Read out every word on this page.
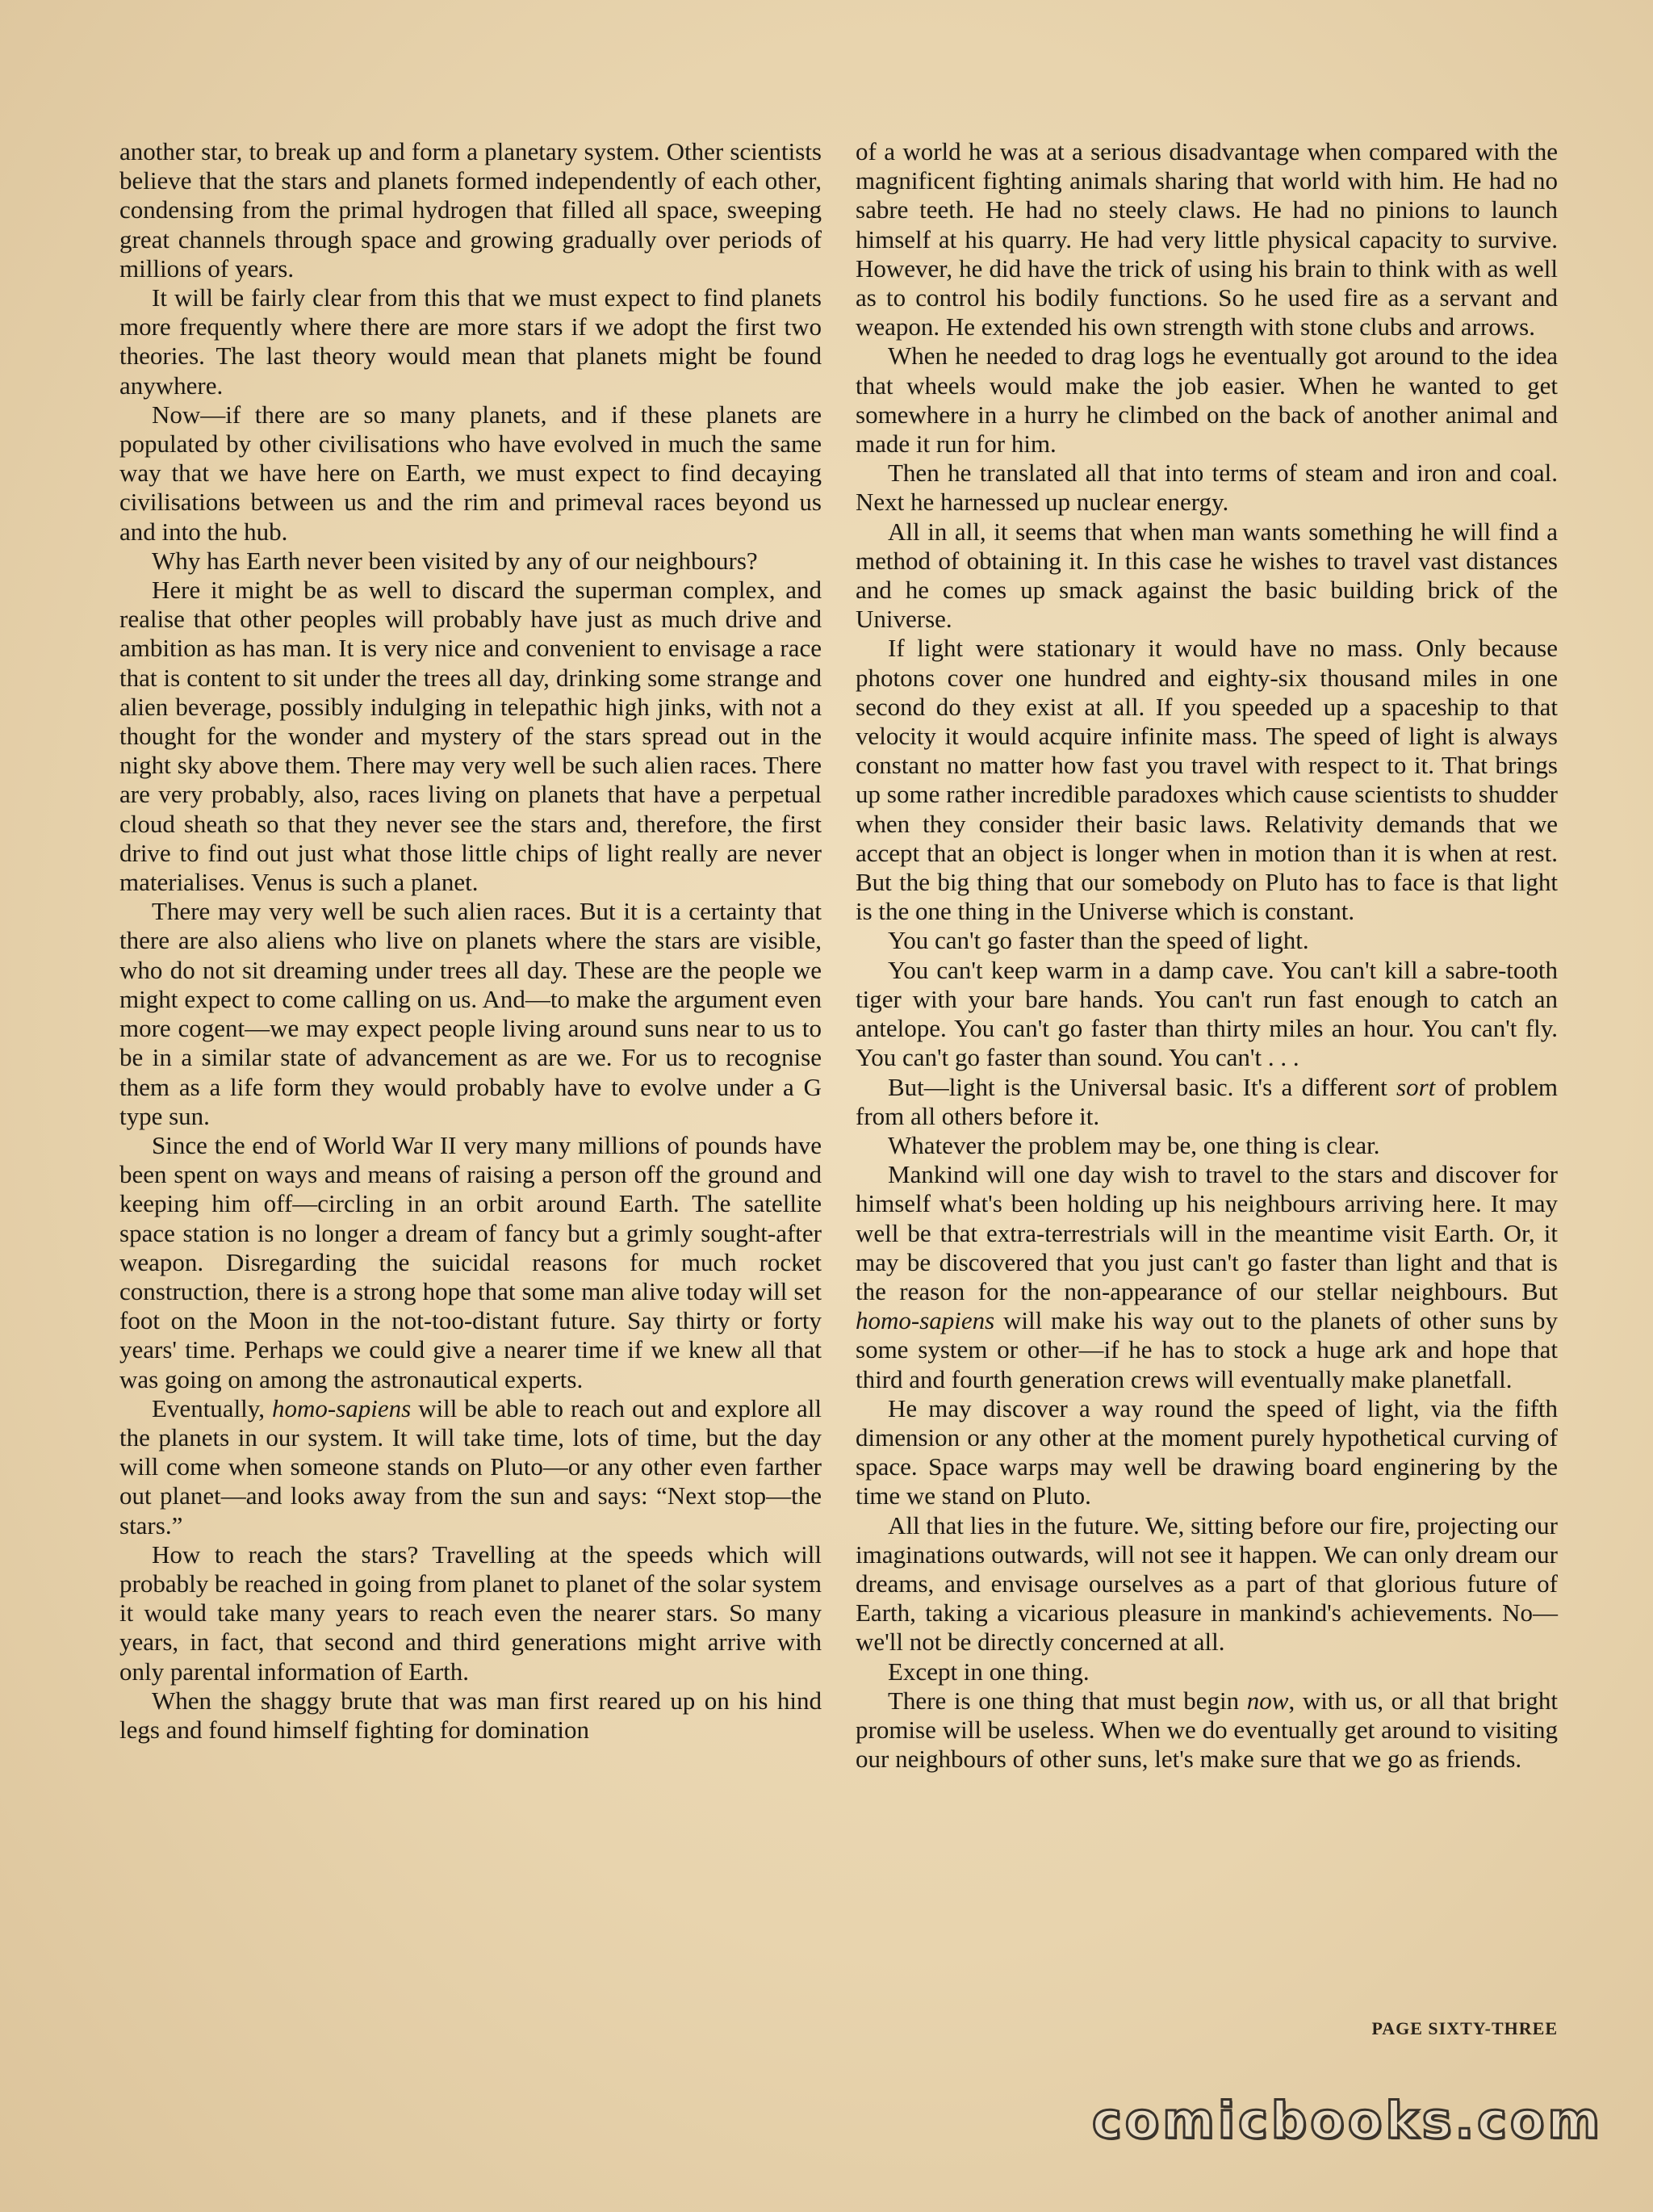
another star, to break up and form a planetary system. Other scientists believe that the stars and planets formed independently of each other, condensing from the primal hydrogen that filled all space, sweeping great channels through space and growing gradually over periods of millions of years.

It will be fairly clear from this that we must expect to find planets more frequently where there are more stars if we adopt the first two theories. The last theory would mean that planets might be found anywhere.

Now—if there are so many planets, and if these planets are populated by other civilisations who have evolved in much the same way that we have here on Earth, we must expect to find decaying civilisations between us and the rim and primeval races beyond us and into the hub.

Why has Earth never been visited by any of our neighbours?

Here it might be as well to discard the superman complex, and realise that other peoples will probably have just as much drive and ambition as has man. It is very nice and convenient to envisage a race that is content to sit under the trees all day, drinking some strange and alien beverage, possibly indulging in telepathic high jinks, with not a thought for the wonder and mystery of the stars spread out in the night sky above them. There may very well be such alien races. There are very probably, also, races living on planets that have a perpetual cloud sheath so that they never see the stars and, therefore, the first drive to find out just what those little chips of light really are never materialises. Venus is such a planet.

There may very well be such alien races. But it is a certainty that there are also aliens who live on planets where the stars are visible, who do not sit dreaming under trees all day. These are the people we might expect to come calling on us. And—to make the argument even more cogent—we may expect people living around suns near to us to be in a similar state of advancement as are we. For us to recognise them as a life form they would probably have to evolve under a G type sun.

Since the end of World War II very many millions of pounds have been spent on ways and means of raising a person off the ground and keeping him off—circling in an orbit around Earth. The satellite space station is no longer a dream of fancy but a grimly sought-after weapon. Disregarding the suicidal reasons for much rocket construction, there is a strong hope that some man alive today will set foot on the Moon in the not-too-distant future. Say thirty or forty years' time. Perhaps we could give a nearer time if we knew all that was going on among the astronautical experts.

Eventually, homo-sapiens will be able to reach out and explore all the planets in our system. It will take time, lots of time, but the day will come when someone stands on Pluto—or any other even farther out planet—and looks away from the sun and says: “Next stop—the stars.”

How to reach the stars? Travelling at the speeds which will probably be reached in going from planet to planet of the solar system it would take many years to reach even the nearer stars. So many years, in fact, that second and third generations might arrive with only parental information of Earth.

When the shaggy brute that was man first reared up on his hind legs and found himself fighting for domination

of a world he was at a serious disadvantage when compared with the magnificent fighting animals sharing that world with him. He had no sabre teeth. He had no steely claws. He had no pinions to launch himself at his quarry. He had very little physical capacity to survive. However, he did have the trick of using his brain to think with as well as to control his bodily functions. So he used fire as a servant and weapon. He extended his own strength with stone clubs and arrows.

When he needed to drag logs he eventually got around to the idea that wheels would make the job easier. When he wanted to get somewhere in a hurry he climbed on the back of another animal and made it run for him.

Then he translated all that into terms of steam and iron and coal. Next he harnessed up nuclear energy.

All in all, it seems that when man wants something he will find a method of obtaining it. In this case he wishes to travel vast distances and he comes up smack against the basic building brick of the Universe.

If light were stationary it would have no mass. Only because photons cover one hundred and eighty-six thousand miles in one second do they exist at all. If you speeded up a spaceship to that velocity it would acquire infinite mass. The speed of light is always constant no matter how fast you travel with respect to it. That brings up some rather incredible paradoxes which cause scientists to shudder when they consider their basic laws. Relativity demands that we accept that an object is longer when in motion than it is when at rest. But the big thing that our somebody on Pluto has to face is that light is the one thing in the Universe which is constant.

You can't go faster than the speed of light.

You can't keep warm in a damp cave. You can't kill a sabre-tooth tiger with your bare hands. You can't run fast enough to catch an antelope. You can't go faster than thirty miles an hour. You can't fly. You can't go faster than sound. You can't . . .

But—light is the Universal basic. It's a different sort of problem from all others before it.

Whatever the problem may be, one thing is clear.

Mankind will one day wish to travel to the stars and discover for himself what's been holding up his neighbours arriving here. It may well be that extra-terrestrials will in the meantime visit Earth. Or, it may be discovered that you just can't go faster than light and that is the reason for the non-appearance of our stellar neighbours. But homo-sapiens will make his way out to the planets of other suns by some system or other—if he has to stock a huge ark and hope that third and fourth generation crews will eventually make planetfall.

He may discover a way round the speed of light, via the fifth dimension or any other at the moment purely hypothetical curving of space. Space warps may well be drawing board enginering by the time we stand on Pluto.

All that lies in the future. We, sitting before our fire, projecting our imaginations outwards, will not see it happen. We can only dream our dreams, and envisage ourselves as a part of that glorious future of Earth, taking a vicarious pleasure in mankind's achievements. No—we'll not be directly concerned at all.

Except in one thing.

There is one thing that must begin now, with us, or all that bright promise will be useless. When we do eventually get around to visiting our neighbours of other suns, let's make sure that we go as friends.

PAGE SIXTY-THREE
comicbooks.com
